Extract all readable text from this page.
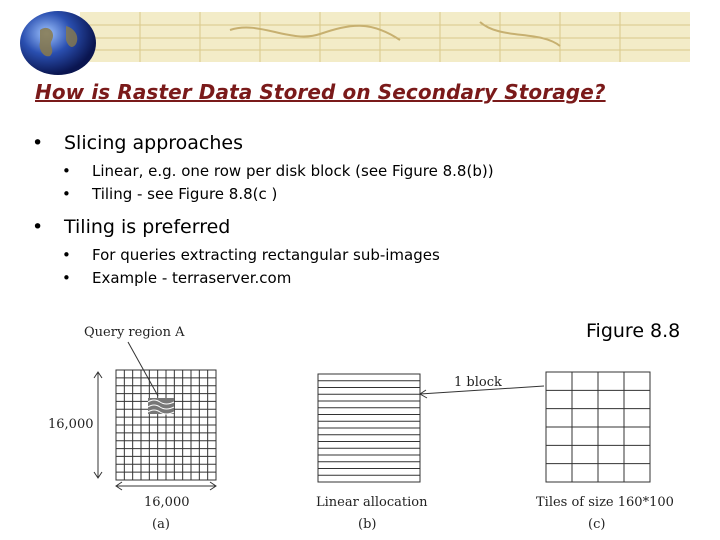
How is Raster Data Stored on Secondary Storage?

• Slicing approaches

• Linear, e.g. one row per disk block (see Figure 8.8(b))

• Tiling - see Figure 8.8(c )

• Tiling is preferred

• For queries extracting rectangular sub-images

• Example - terraserver.com

Figure 8.8
Query region A
16,000
16,000
(a)
1 block
Linear allocation
(b)
Tiles of size 160*100
(c)
